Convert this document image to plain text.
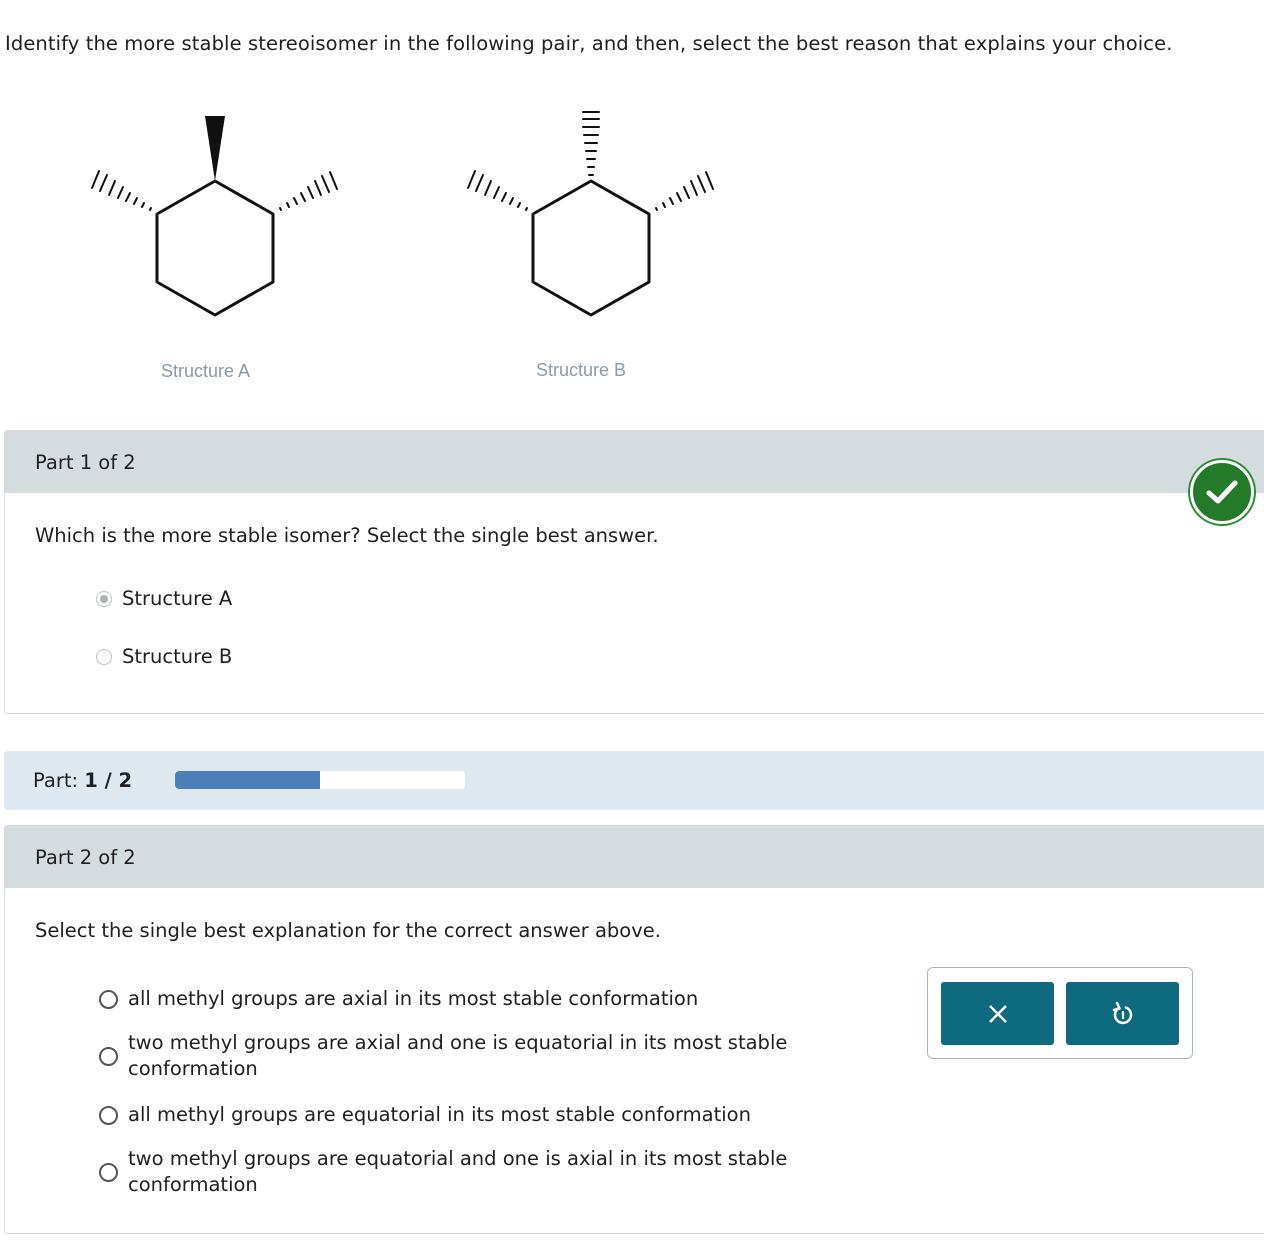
Identify the more stable stereoisomer in the following pair, and then, select the best reason that explains your choice.
Structure A	Structure B
Part 1 of 2
Which is the more stable isomer? Select the single best answer.
Structure A
Structure B
Part: 1 / 2
Part 2 of 2
Select the single best explanation for the correct answer above.
all methyl groups are axial in its most stable conformation
two methyl groups are axial and one is equatorial in its most stable conformation
all methyl groups are equatorial in its most stable conformation
two methyl groups are equatorial and one is axial in its most stable conformation
